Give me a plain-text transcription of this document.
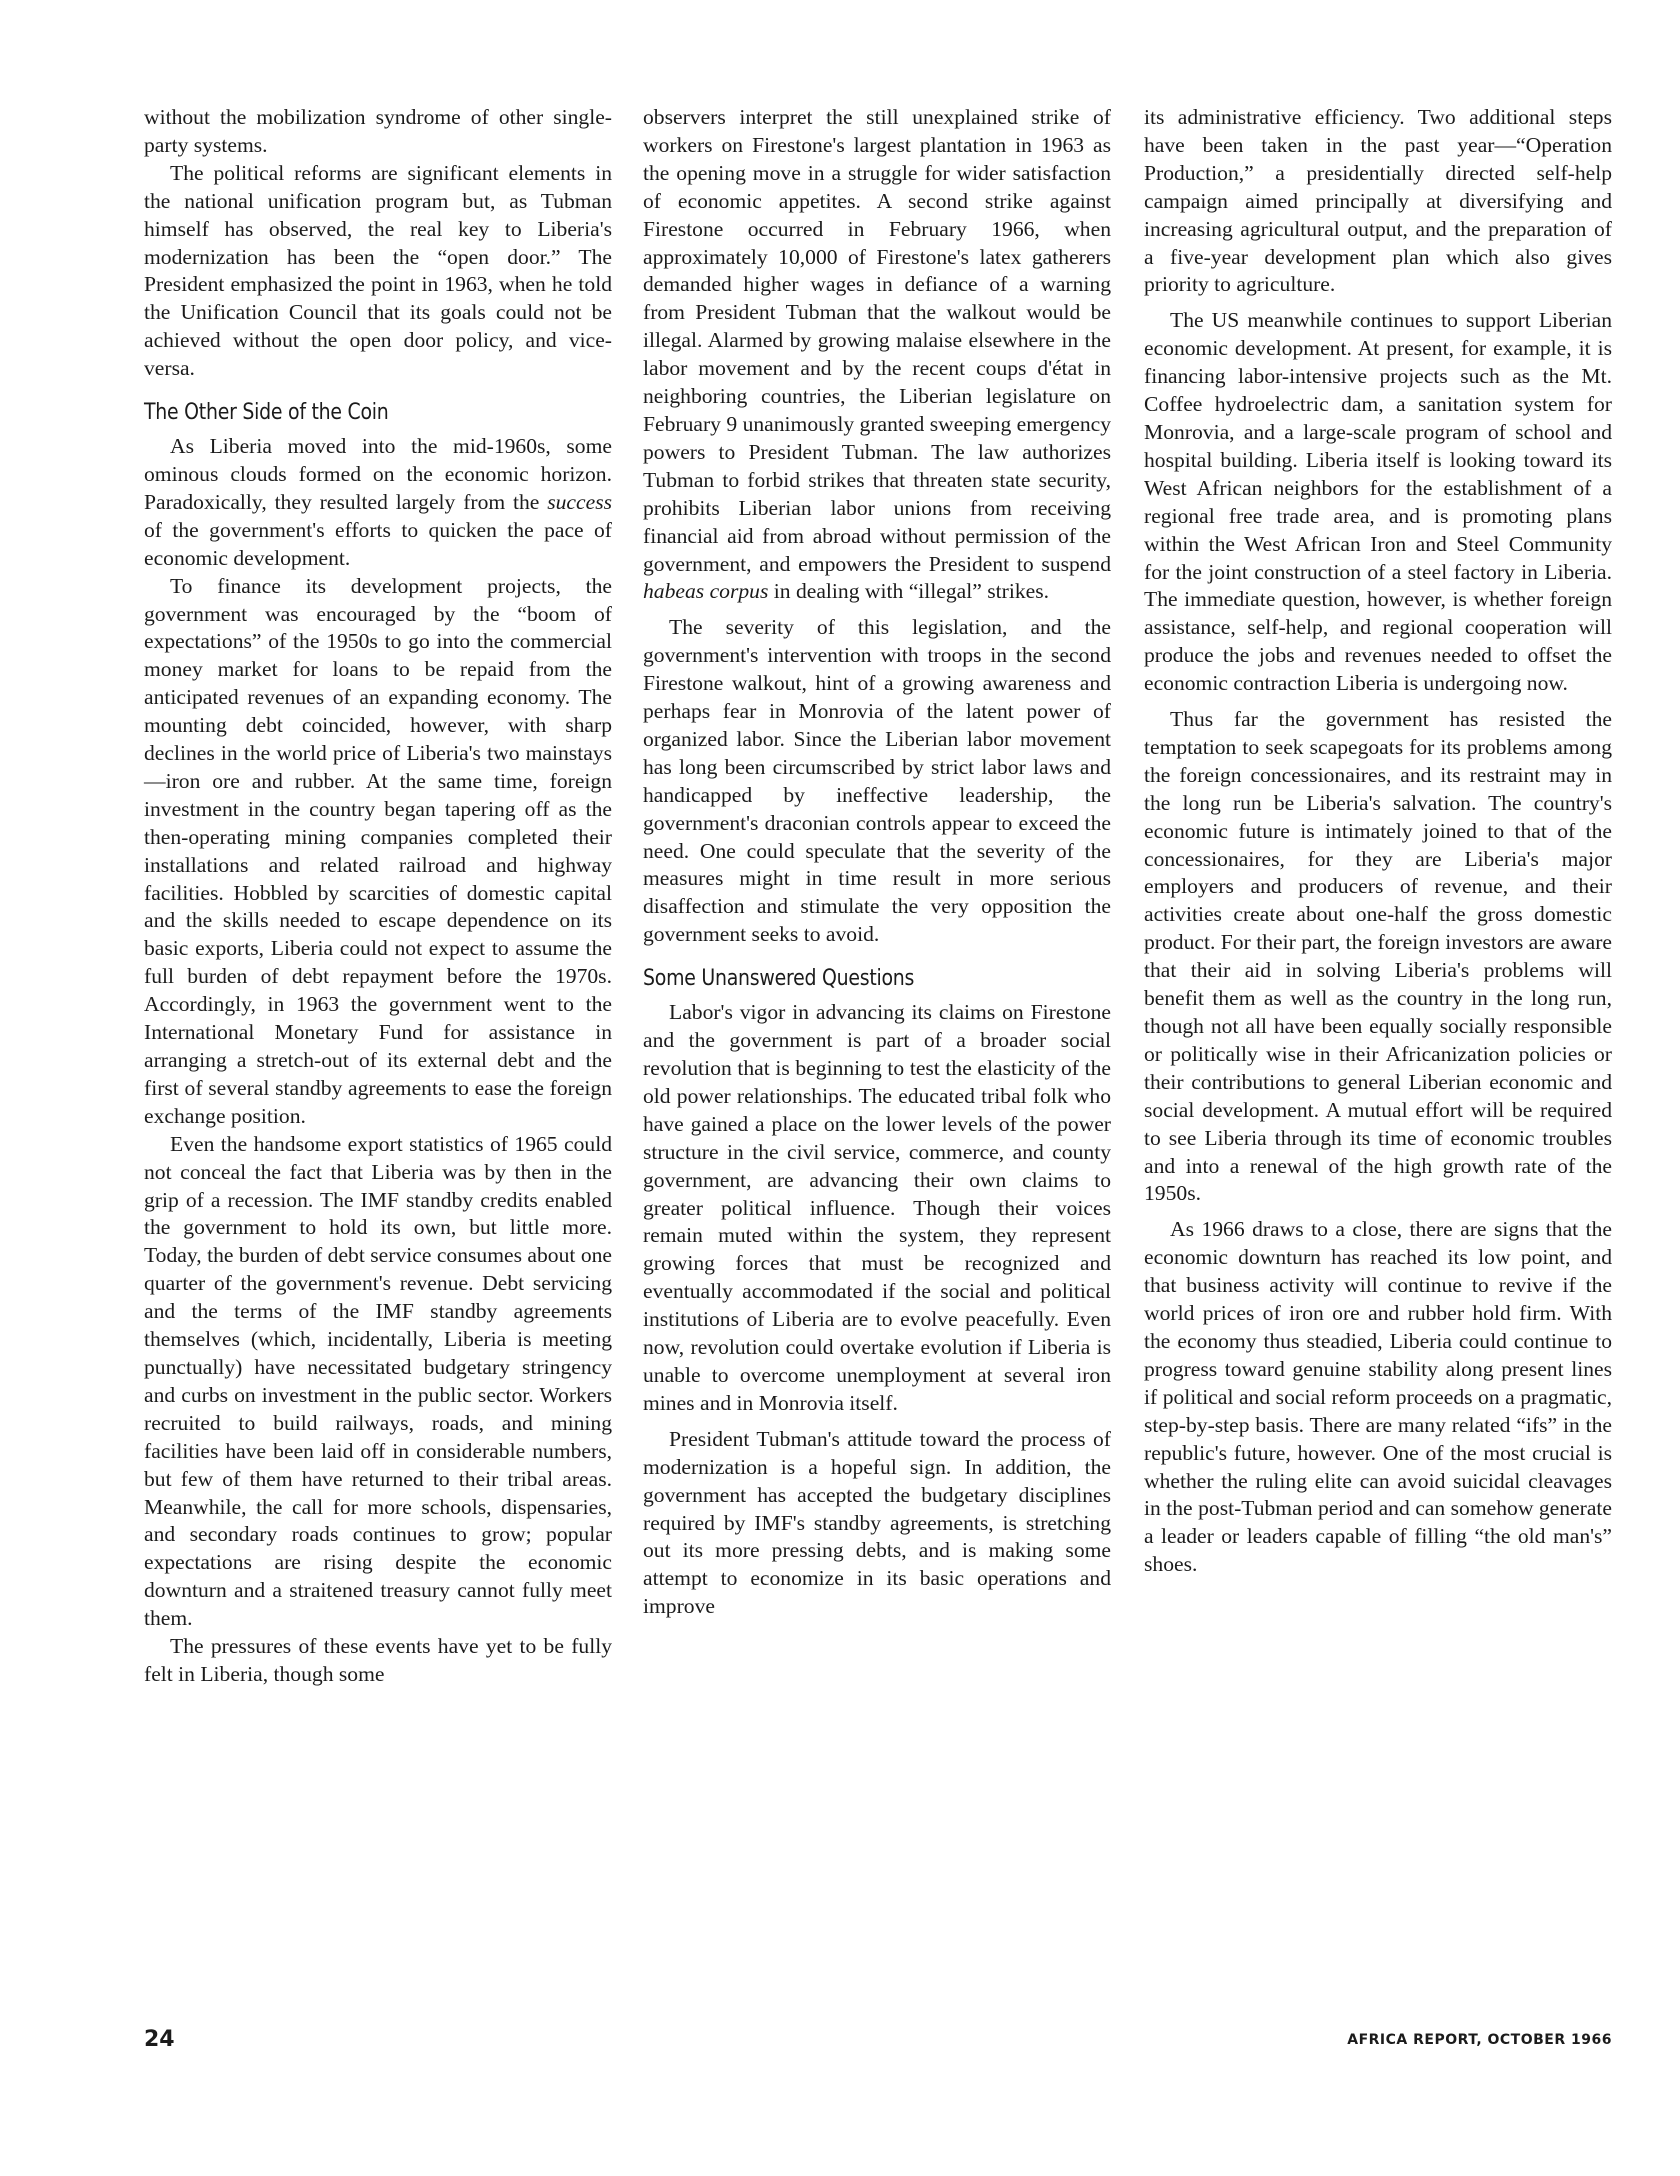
without the mobilization syndrome of other single-party systems.

The political reforms are significant elements in the national unification program but, as Tubman himself has observed, the real key to Liberia's modernization has been the “open door.” The President emphasized the point in 1963, when he told the Unification Council that its goals could not be achieved without the open door policy, and vice-versa.

The Other Side of the Coin

As Liberia moved into the mid-1960s, some ominous clouds formed on the economic horizon. Paradoxically, they resulted largely from the success of the government's efforts to quicken the pace of economic development.

To finance its development projects, the government was encouraged by the “boom of expectations” of the 1950s to go into the commercial money market for loans to be repaid from the anticipated revenues of an expanding economy. The mounting debt coincided, however, with sharp declines in the world price of Liberia's two mainstays—iron ore and rubber. At the same time, foreign investment in the country began tapering off as the then-operating mining companies completed their installations and related railroad and highway facilities. Hobbled by scarcities of domestic capital and the skills needed to escape dependence on its basic exports, Liberia could not expect to assume the full burden of debt repayment before the 1970s. Accordingly, in 1963 the government went to the International Monetary Fund for assistance in arranging a stretch-out of its external debt and the first of several standby agreements to ease the foreign exchange position.

Even the handsome export statistics of 1965 could not conceal the fact that Liberia was by then in the grip of a recession. The IMF standby credits enabled the government to hold its own, but little more. Today, the burden of debt service consumes about one quarter of the government's revenue. Debt servicing and the terms of the IMF standby agreements themselves (which, incidentally, Liberia is meeting punctually) have necessitated budgetary stringency and curbs on investment in the public sector. Workers recruited to build railways, roads, and mining facilities have been laid off in considerable numbers, but few of them have returned to their tribal areas. Meanwhile, the call for more schools, dispensaries, and secondary roads continues to grow; popular expectations are rising despite the economic downturn and a straitened treasury cannot fully meet them.

The pressures of these events have yet to be fully felt in Liberia, though some

observers interpret the still unexplained strike of workers on Firestone's largest plantation in 1963 as the opening move in a struggle for wider satisfaction of economic appetites. A second strike against Firestone occurred in February 1966, when approximately 10,000 of Firestone's latex gatherers demanded higher wages in defiance of a warning from President Tubman that the walkout would be illegal. Alarmed by growing malaise elsewhere in the labor movement and by the recent coups d'état in neighboring countries, the Liberian legislature on February 9 unanimously granted sweeping emergency powers to President Tubman. The law authorizes Tubman to forbid strikes that threaten state security, prohibits Liberian labor unions from receiving financial aid from abroad without permission of the government, and empowers the President to suspend habeas corpus in dealing with “illegal” strikes.

The severity of this legislation, and the government's intervention with troops in the second Firestone walkout, hint of a growing awareness and perhaps fear in Monrovia of the latent power of organized labor. Since the Liberian labor movement has long been circumscribed by strict labor laws and handicapped by ineffective leadership, the government's draconian controls appear to exceed the need. One could speculate that the severity of the measures might in time result in more serious disaffection and stimulate the very opposition the government seeks to avoid.

Some Unanswered Questions

Labor's vigor in advancing its claims on Firestone and the government is part of a broader social revolution that is beginning to test the elasticity of the old power relationships. The educated tribal folk who have gained a place on the lower levels of the power structure in the civil service, commerce, and county government, are advancing their own claims to greater political influence. Though their voices remain muted within the system, they represent growing forces that must be recognized and eventually accommodated if the social and political institutions of Liberia are to evolve peacefully. Even now, revolution could overtake evolution if Liberia is unable to overcome unemployment at several iron mines and in Monrovia itself.

President Tubman's attitude toward the process of modernization is a hopeful sign. In addition, the government has accepted the budgetary disciplines required by IMF's standby agreements, is stretching out its more pressing debts, and is making some attempt to economize in its basic operations and improve

its administrative efficiency. Two additional steps have been taken in the past year—“Operation Production,” a presidentially directed self-help campaign aimed principally at diversifying and increasing agricultural output, and the preparation of a five-year development plan which also gives priority to agriculture.

The US meanwhile continues to support Liberian economic development. At present, for example, it is financing labor-intensive projects such as the Mt. Coffee hydroelectric dam, a sanitation system for Monrovia, and a large-scale program of school and hospital building. Liberia itself is looking toward its West African neighbors for the establishment of a regional free trade area, and is promoting plans within the West African Iron and Steel Community for the joint construction of a steel factory in Liberia. The immediate question, however, is whether foreign assistance, self-help, and regional cooperation will produce the jobs and revenues needed to offset the economic contraction Liberia is undergoing now.

Thus far the government has resisted the temptation to seek scapegoats for its problems among the foreign concessionaires, and its restraint may in the long run be Liberia's salvation. The country's economic future is intimately joined to that of the concessionaires, for they are Liberia's major employers and producers of revenue, and their activities create about one-half the gross domestic product. For their part, the foreign investors are aware that their aid in solving Liberia's problems will benefit them as well as the country in the long run, though not all have been equally socially responsible or politically wise in their Africanization policies or their contributions to general Liberian economic and social development. A mutual effort will be required to see Liberia through its time of economic troubles and into a renewal of the high growth rate of the 1950s.

As 1966 draws to a close, there are signs that the economic downturn has reached its low point, and that business activity will continue to revive if the world prices of iron ore and rubber hold firm. With the economy thus steadied, Liberia could continue to progress toward genuine stability along present lines if political and social reform proceeds on a pragmatic, step-by-step basis. There are many related “ifs” in the republic's future, however. One of the most crucial is whether the ruling elite can avoid suicidal cleavages in the post-Tubman period and can somehow generate a leader or leaders capable of filling “the old man's” shoes.

24	AFRICA REPORT, OCTOBER 1966
